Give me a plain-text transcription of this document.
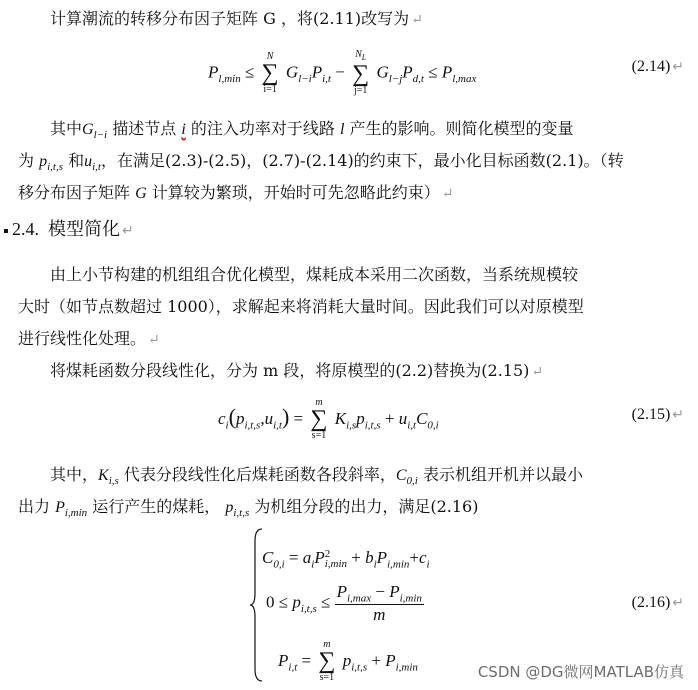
计算潮流的转移分布因子矩阵 G ，将(2.11)改写为 ↵
$P_{l,min}$ ≤
N
∑
i=1
$G_{l-i}P_{i,t}$ −
$N_L$
∑
j=1
$G_{l-j}P_{d,t} \le P_{l,max}$
(2.14) ↵
其中$G_{l-i}$ 描述节点 i 的注入功率对于线路 l 产生的影响。则简化模型的变量
为 $p_{i,t,s}$ 和$u_{i,t}$，在满足(2.3)-(2.5)，(2.7)-(2.14)的约束下，最小化目标函数(2.1)。（转
移分布因子矩阵 G 计算较为繁琐，开始时可先忽略此约束） ↵
2.4. 模型简化 ↵
由上小节构建的机组组合优化模型，煤耗成本采用二次函数，当系统规模较
大时（如节点数超过 1000），求解起来将消耗大量时间。因此我们可以对原模型
进行线性化处理。 ↵
将煤耗函数分段线性化，分为 m 段，将原模型的(2.2)替换为(2.15) ↵
$c_i(p_{i,t,s},u_{i,t})$ =
m
∑
s=1
$K_{i,s}p_{i,t,s} + u_{i,t}C_{0,i}$
(2.15) ↵
其中，$K_{i,s}$ 代表分段线性化后煤耗函数各段斜率，$C_{0,i}$ 表示机组开机并以最小
出力 $P_{i,min}$ 运行产生的煤耗， $p_{i,t,s}$ 为机组分段的出力，满足(2.16)
$C_{0,i} = a_iP$ 2
$i,\min + b_iP_{i,min}+c_i$
$0 \le p_{i,t,s}$ ≤
$P_{i,max} - P_{i,min}$
m
$P_{i,t}$ =
m
∑
s=1
$p_{i,t,s} + P_{i,min}$
(2.16) ↵
CSDN @DG微网MATLAB仿真
